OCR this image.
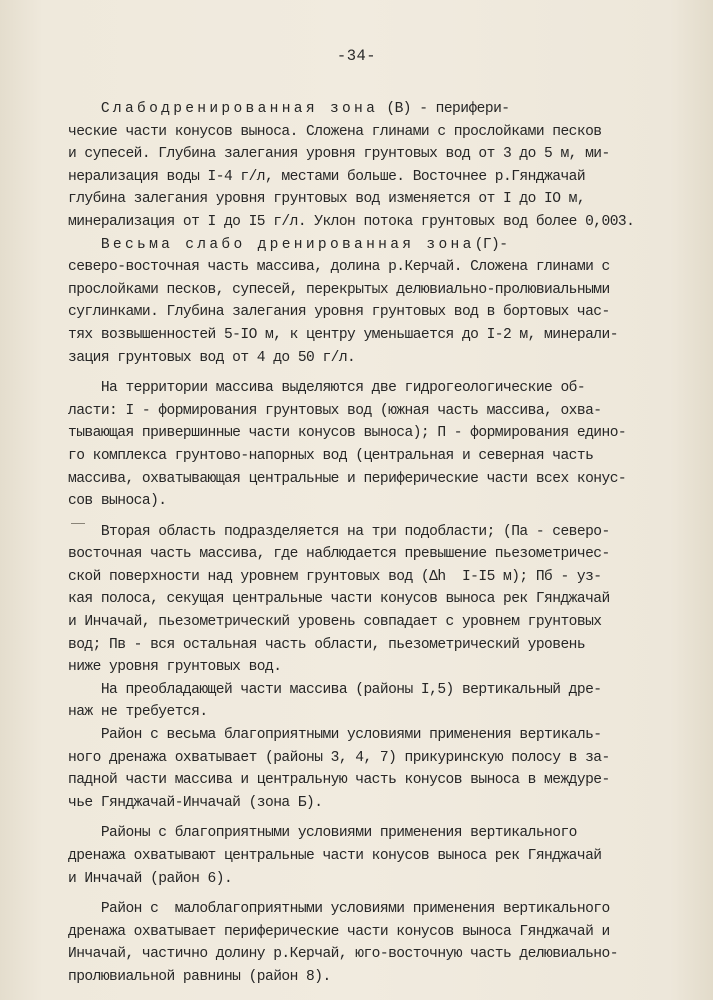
-34-
Слабодренированная зона (В) - перифери-
ческие части конусов выноса. Сложена глинами с прослойками песков
и супесей. Глубина залегания уровня грунтовых вод от 3 до 5 м, ми-
нерализация воды I-4 г/л, местами больше. Восточнее р.Гянджачай
глубина залегания уровня грунтовых вод изменяется от I до IO м,
минерализация от I до I5 г/л. Уклон потока грунтовых вод более 0,003.
Весьма слабо дренированная зона(Г)-
северо-восточная часть массива, долина р.Керчай. Сложена глинами с
прослойками песков, супесей, перекрытых делювиально-пролювиальными
суглинками. Глубина залегания уровня грунтовых вод в бортовых час-
тях возвышенностей 5-IO м, к центру уменьшается до I-2 м, минерали-
зация грунтовых вод от 4 до 50 г/л.
На территории массива выделяются две гидрогеологические об-
ласти: I - формирования грунтовых вод (южная часть массива, охва-
тывающая привершинные части конусов выноса); П - формирования едино-
го комплекса грунтово-напорных вод (центральная и северная часть
массива, охватывающая центральные и периферические части всех конус-
сов выноса).
Вторая область подразделяется на три подобласти; (Па - северо-
восточная часть массива, где наблюдается превышение пьезометричес-
ской поверхности над уровнем грунтовых вод (Δh  I-I5 м); Пб - уз-
кая полоса, секущая центральные части конусов выноса рек Гянджачай
и Инчачай, пьезометрический уровень совпадает с уровнем грунтовых
вод; Пв - вся остальная часть области, пьезометрический уровень
ниже уровня грунтовых вод.
На преобладающей части массива (районы I,5) вертикальный дре-
наж не требуется.
Район с весьма благоприятными условиями применения вертикаль-
ного дренажа охватывает (районы 3, 4, 7) прикуринскую полосу в за-
падной части массива и центральную часть конусов выноса в междуре-
чье Гянджачай-Инчачай (зона Б).
Районы с благоприятными условиями применения вертикального
дренажа охватывают центральные части конусов выноса рек Гянджачай
и Инчачай (район 6).
Район с  малоблагоприятными условиями применения вертикального
дренажа охватывает периферические части конусов выноса Гянджачай и
Инчачай, частично долину р.Керчай, юго-восточную часть делювиально-
пролювиальной равнины (район 8).
